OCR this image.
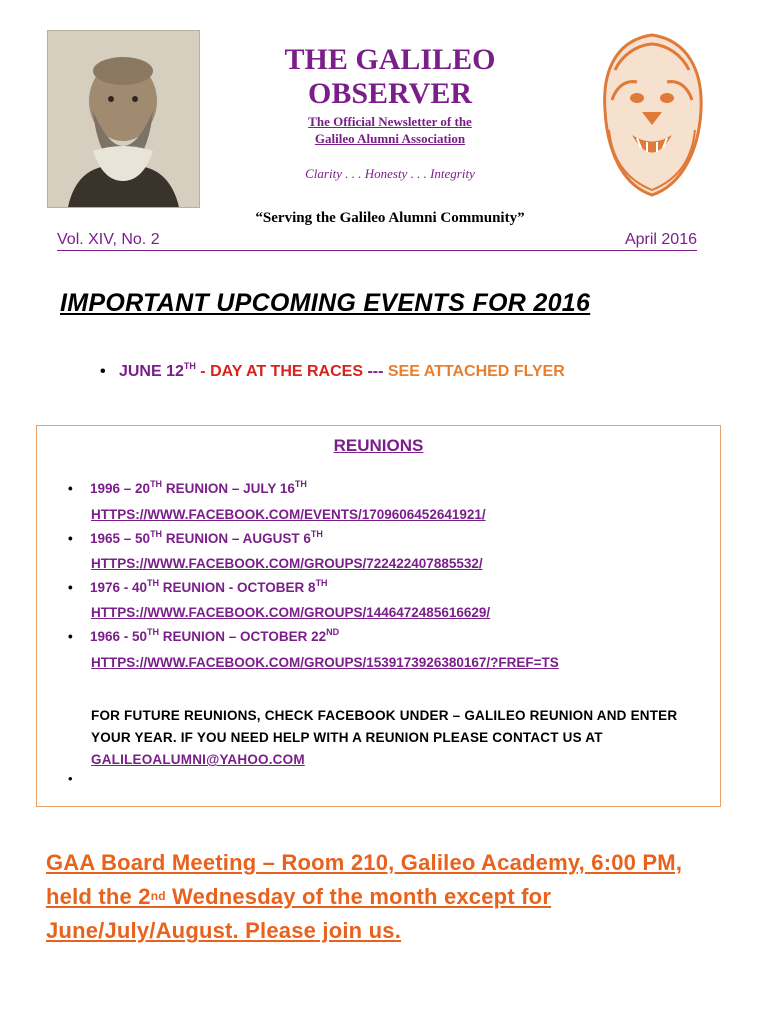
THE GALILEO
OBSERVER
The Official Newsletter of the
Galileo Alumni Association
Clarity . . . Honesty . . . Integrity
“Serving the Galileo Alumni Community”
Vol. XIV, No. 2	April 2016
IMPORTANT UPCOMING EVENTS FOR 2016
•   JUNE 12TH - DAY AT THE RACES --- SEE ATTACHED FLYER
REUNIONS
• 1996 – 20TH REUNION – JULY 16TH
HTTPS://WWW.FACEBOOK.COM/EVENTS/1709606452641921/
• 1965 – 50TH REUNION – AUGUST 6TH
HTTPS://WWW.FACEBOOK.COM/GROUPS/722422407885532/
• 1976 - 40TH REUNION - OCTOBER 8TH
HTTPS://WWW.FACEBOOK.COM/GROUPS/1446472485616629/
• 1966 - 50TH REUNION – OCTOBER 22ND
HTTPS://WWW.FACEBOOK.COM/GROUPS/1539173926380167/?FREF=TS
FOR FUTURE REUNIONS, CHECK FACEBOOK UNDER – GALILEO REUNION AND ENTER YOUR YEAR. IF YOU NEED HELP WITH A REUNION PLEASE CONTACT US AT GALILEOALUMNI@YAHOO.COM
•
GAA Board Meeting – Room 210, Galileo Academy, 6:00 PM, held the 2nd Wednesday of the month except for June/July/August. Please join us.
